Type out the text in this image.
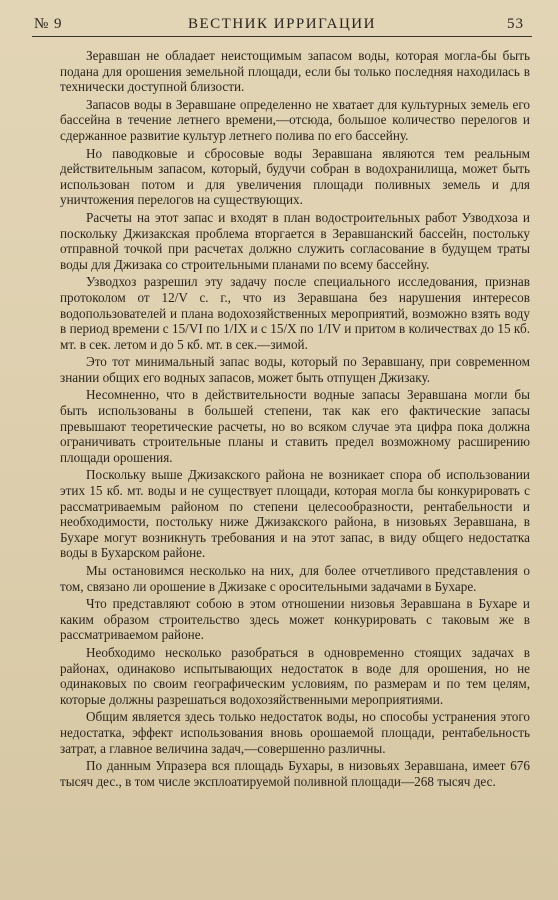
№ 9	ВЕСТНИК ИРРИГАЦИИ	53

Зеравшан не обладает неистощимым запасом воды, которая могла-бы быть подана для орошения земельной площади, если бы только последняя находилась в технически доступной близости.

Запасов воды в Зеравшане определенно не хватает для культурных земель его бассейна в течение летнего времени,—отсюда, большое количество перелогов и сдержанное развитие культур летнего полива по его бассейну.

Но паводковые и сбросовые воды Зеравшана являются тем реальным действительным запасом, который, будучи собран в водохранилища, может быть использован потом и для увеличения площади поливных земель и для уничтожения перелогов на существующих.

Расчеты на этот запас и входят в план водостроительных работ Узводхоза и поскольку Джизакская проблема вторгается в Зеравшанский бассейн, постольку отправной точкой при расчетах должно служить согласование в будущем траты воды для Джизака со строительными планами по всему бассейну.

Узводхоз разрешил эту задачу после специального исследования, признав протоколом от 12/V с. г., что из Зеравшана без нарушения интересов водопользователей и плана водохозяйственных мероприятий, возможно взять воду в период времени с 15/VI по 1/IX и с 15/X по 1/IV и притом в количествах до 15 кб. мт. в сек. летом и до 5 кб. мт. в сек.—зимой.

Это тот минимальный запас воды, который по Зеравшану, при современном знании общих его водных запасов, может быть отпущен Джизаку.

Несомненно, что в действительности водные запасы Зеравшана могли бы быть использованы в большей степени, так как его фактические запасы превышают теоретические расчеты, но во всяком случае эта цифра пока должна ограничивать строительные планы и ставить предел возможному расширению площади орошения.

Поскольку выше Джизакского района не возникает спора об использовании этих 15 кб. мт. воды и не существует площади, которая могла бы конкурировать с рассматриваемым районом по степени целесообразности, рентабельности и необходимости, постольку ниже Джизакского района, в низовьях Зеравшана, в Бухаре могут возникнуть требования и на этот запас, в виду общего недостатка воды в Бухарском районе.

Мы остановимся несколько на них, для более отчетливого представления о том, связано ли орошение в Джизаке с оросительными задачами в Бухаре.

Что представляют собою в этом отношении низовья Зеравшана в Бухаре и каким образом строительство здесь может конкурировать с таковым же в рассматриваемом районе.

Необходимо несколько разобраться в одновременно стоящих задачах в районах, одинаково испытывающих недостаток в воде для орошения, но не одинаковых по своим географическим условиям, по размерам и по тем целям, которые должны разрешаться водохозяйственными мероприятиями.

Общим является здесь только недостаток воды, но способы устранения этого недостатка, эффект использования вновь орошаемой площади, рентабельность затрат, а главное величина задач,—совершенно различны.

По данным Упразера вся площадь Бухары, в низовьях Зеравшана, имеет 676 тысяч дес., в том числе эксплоатируемой поливной площади—268 тысяч дес.
